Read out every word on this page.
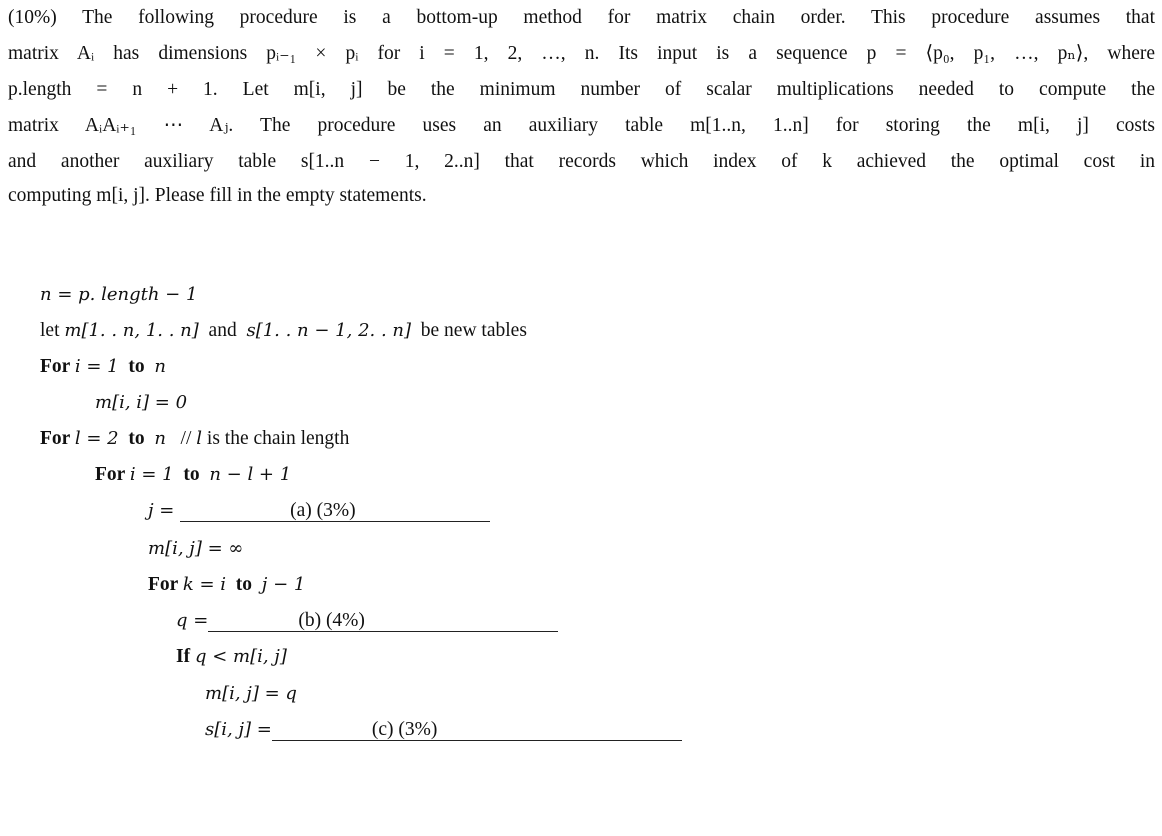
(10%) The following procedure is a bottom-up method for matrix chain order. This procedure assumes that
matrix Aᵢ has dimensions pᵢ₋₁ × pᵢ for i = 1, 2, …, n. Its input is a sequence p = ⟨p₀, p₁, …, pₙ⟩, where
p.length = n + 1. Let m[i, j] be the minimum number of scalar multiplications needed to compute the
matrix AᵢAᵢ₊₁ ⋯ Aⱼ. The procedure uses an auxiliary table m[1..n, 1..n] for storing the m[i, j] costs
and another auxiliary table s[1..n − 1, 2..n] that records which index of k achieved the optimal cost in
computing m[i, j]. Please fill in the empty statements.
n = p. length − 1
let m[1. . n, 1. . n]  and  s[1. . n − 1, 2. . n]  be new tables
For i = 1  to  n
m[i, i] = 0
For l = 2  to  n   // l is the chain length
For i = 1  to  n − l + 1
j =	(a) (3%)
m[i, j] = ∞
For k = i  to  j − 1
q =	(b) (4%)
If q < m[i, j]
m[i, j] = q
s[i, j] =	(c) (3%)
